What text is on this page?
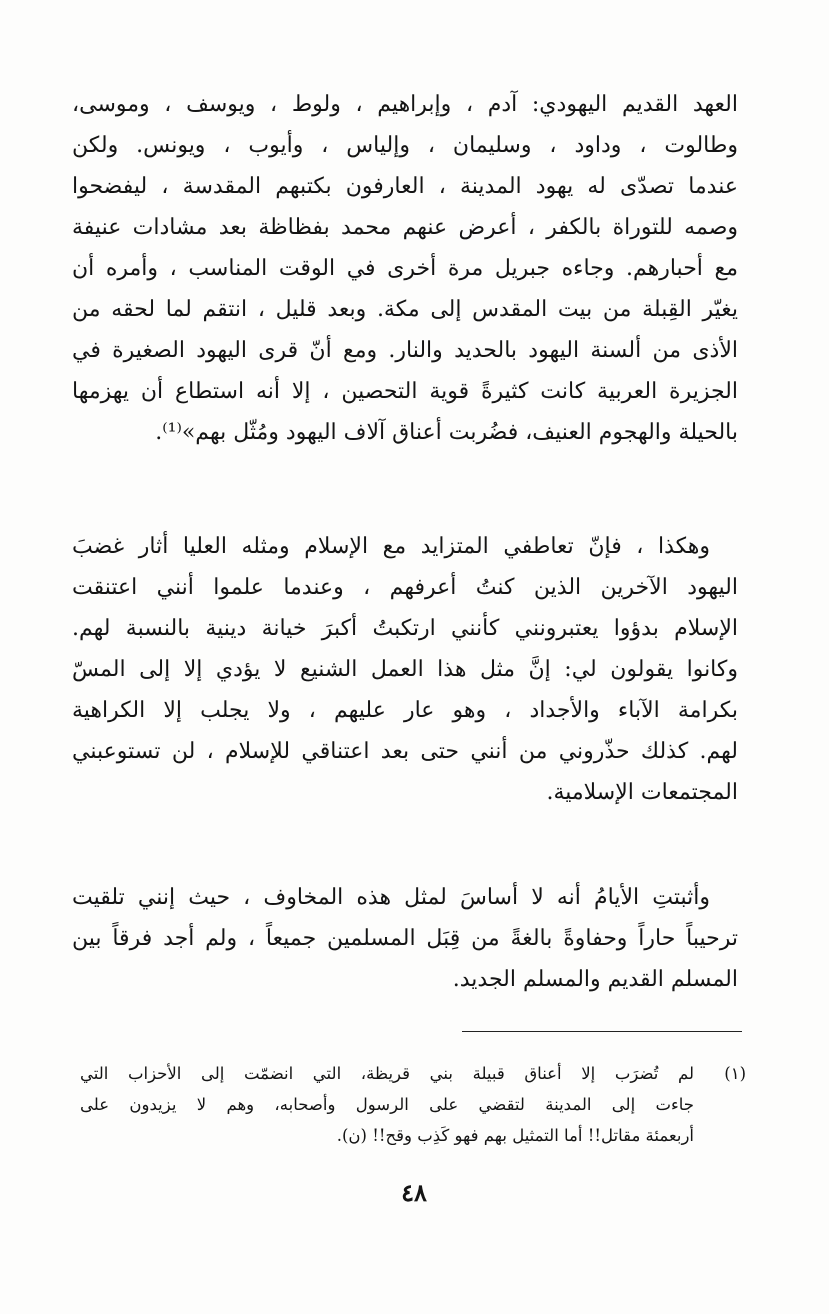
العهد القديم اليهودي: آدم ، وإبراهيم ، ولوط ، ويوسف ، وموسى،
وطالوت ، وداود ، وسليمان ، وإلياس ، وأيوب ، ويونس. ولكن
عندما تصدّى له يهود المدينة ، العارفون بكتبهم المقدسة ، ليفضحوا
وصمه للتوراة بالكفر ، أعرض عنهم محمد بفظاظة بعد مشادات عنيفة
مع أحبارهم. وجاءه جبريل مرة أخرى في الوقت المناسب ، وأمره أن
يغيّر القِبلة من بيت المقدس إلى مكة. وبعد قليل ، انتقم لما لحقه من
الأذى من ألسنة اليهود بالحديد والنار. ومع أنّ قرى اليهود الصغيرة في
الجزيرة العربية كانت كثيرةً قوية التحصين ، إلا أنه استطاع أن يهزمها
بالحيلة والهجوم العنيف، فضُربت أعناق آلاف اليهود ومُثّل بهم»⁽¹⁾.
وهكذا ، فإنّ تعاطفي المتزايد مع الإسلام ومثله العليا أثار غضبَ
اليهود الآخرين الذين كنتُ أعرفهم ، وعندما علموا أنني اعتنقت
الإسلام بدؤوا يعتبرونني كأنني ارتكبتُ أكبرَ خيانة دينية بالنسبة لهم.
وكانوا يقولون لي: إنَّ مثل هذا العمل الشنيع لا يؤدي إلا إلى المسّ
بكرامة الآباء والأجداد ، وهو عار عليهم ، ولا يجلب إلا الكراهية
لهم. كذلك حذّروني من أنني حتى بعد اعتناقي للإسلام ، لن تستوعبني
المجتمعات الإسلامية.
وأثبتتِ الأيامُ أنه لا أساسَ لمثل هذه المخاوف ، حيث إنني تلقيت
ترحيباً حاراً وحفاوةً بالغةً من قِبَل المسلمين جميعاً ، ولم أجد فرقاً بين
المسلم القديم والمسلم الجديد.
(١)
لم تُضرَب إلا أعناق قبيلة بني قريظة، التي انضمّت إلى الأحزاب التي
جاءت إلى المدينة لتقضي على الرسول وأصحابه، وهم لا يزيدون على
أربعمئة مقاتل!! أما التمثيل بهم فهو كَذِب وقح!! (ن).
٤٨
